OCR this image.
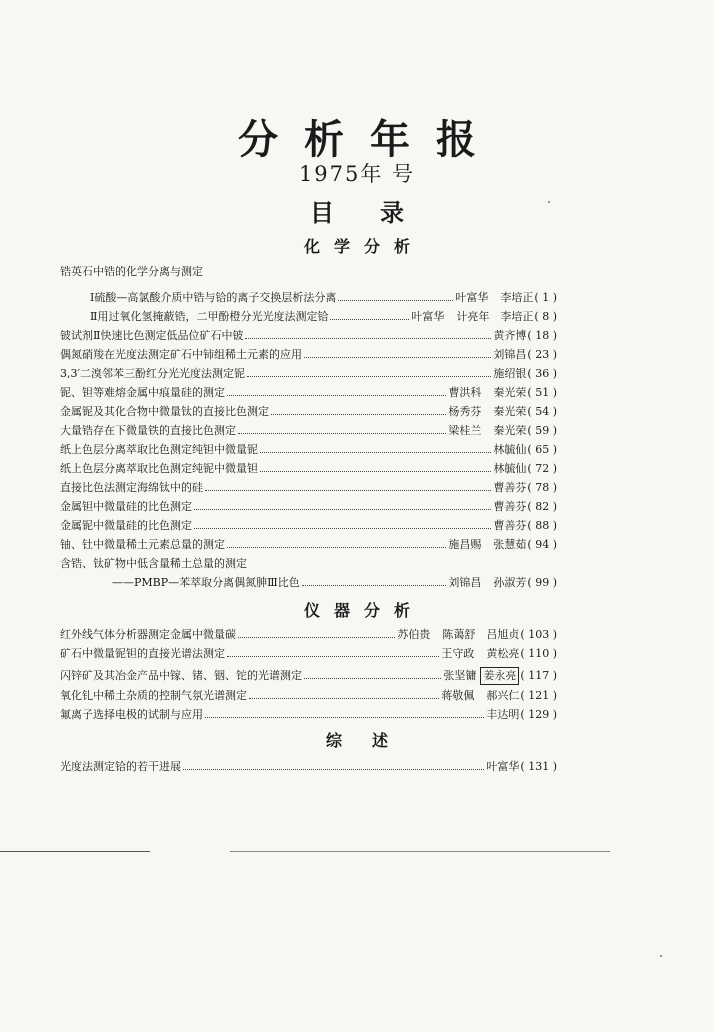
分析年报
1975年 号
目录
化学分析
锆英石中锆的化学分离与测定
Ⅰ硫酸—高氯酸介质中锆与铪的离子交换层析法分离	叶富华 李培正 ( 1 )
Ⅱ用过氧化氢掩蔽锆，二甲酚橙分光光度法测定铪	叶富华 计亮年　李培正 ( 8 )
铍试剂Ⅱ快速比色测定低品位矿石中铍	黄齐博 ( 18 )
偶氮硝羧在光度法测定矿石中铈组稀土元素的应用	刘锦昌 ( 23 )
3,3′二溴邻苯三酚红分光光度法测定铌	施绍银 ( 36 )
铌、钽等难熔金属中痕量硅的测定	曹洪科 秦光荣 ( 51 )
金属铌及其化合物中微量钛的直接比色测定	杨秀芬 秦光荣 ( 54 )
大量锆存在下微量铁的直接比色测定	梁桂兰 秦光荣 ( 59 )
纸上色层分离萃取比色测定纯钽中微量铌	林毓仙 ( 65 )
纸上色层分离萃取比色测定纯铌中微量钽	林毓仙 ( 72 )
直接比色法测定海绵钛中的硅	曹善芬 ( 78 )
金属钽中微量硅的比色测定	曹善芬 ( 82 )
金属铌中微量硅的比色测定	曹善芬 ( 88 )
铀、钍中微量稀土元素总量的测定	施昌赐 张慧茹 ( 94 )
含锆、钛矿物中低含量稀土总量的测定
——PMBP—苯萃取分离偶氮胂Ⅲ比色	刘锦昌 孙淑芳 ( 99 )
仪器分析
红外线气体分析器测定金属中微量碳	苏伯贵 陈蔼舒　吕旭贞 ( 103 )
矿石中微量铌钽的直接光谱法测定	王守政 黄松亮 ( 110 )
闪锌矿及其冶金产品中镓、锗、铟、铊的光谱测定	张坚镛 姜永亮 ( 117 )
氧化钆中稀土杂质的控制气氛光谱测定	蒋敬佩 郝兴仁 ( 121 )
氟离子选择电极的试制与应用	丰达明 ( 129 )
综述
光度法测定铪的若干进展	叶富华 ( 131 )
